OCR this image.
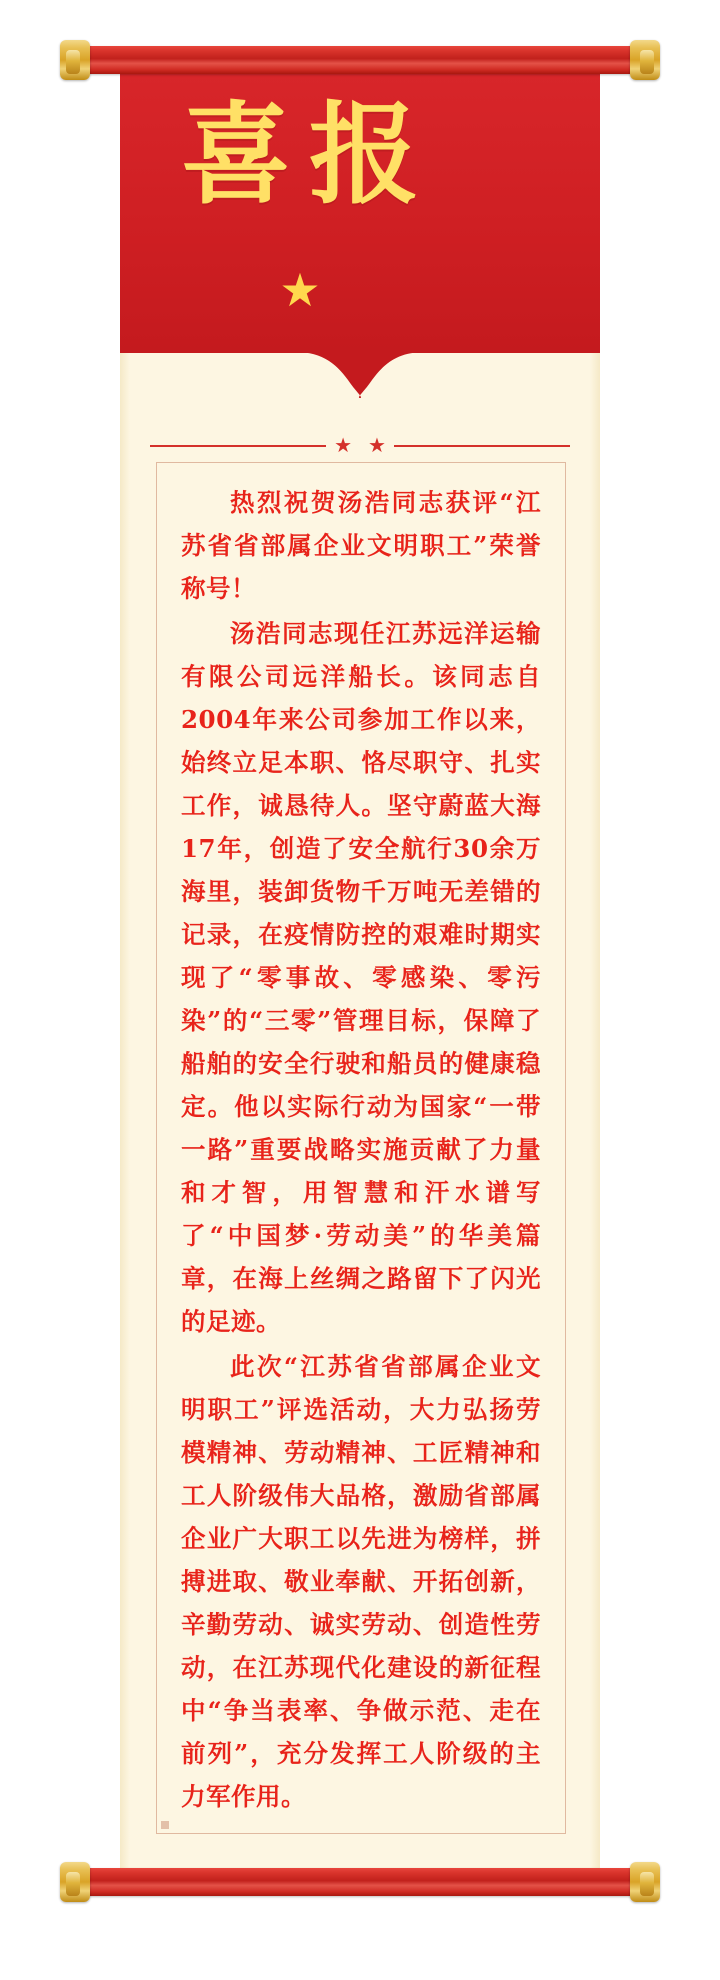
喜报
★
★ ★

热烈祝贺汤浩同志获评“江苏省省部属企业文明职工”荣誉称号！

汤浩同志现任江苏远洋运输有限公司远洋船长。该同志自2004年来公司参加工作以来，始终立足本职、恪尽职守、扎实工作，诚恳待人。坚守蔚蓝大海17年，创造了安全航行30余万海里，装卸货物千万吨无差错的记录，在疫情防控的艰难时期实现了“零事故、零感染、零污染”的“三零”管理目标，保障了船舶的安全行驶和船员的健康稳定。他以实际行动为国家“一带一路”重要战略实施贡献了力量和才智，用智慧和汗水谱写了“中国梦·劳动美”的华美篇章，在海上丝绸之路留下了闪光的足迹。

此次“江苏省省部属企业文明职工”评选活动，大力弘扬劳模精神、劳动精神、工匠精神和工人阶级伟大品格，激励省部属企业广大职工以先进为榜样，拼搏进取、敬业奉献、开拓创新，辛勤劳动、诚实劳动、创造性劳动，在江苏现代化建设的新征程中“争当表率、争做示范、走在前列”，充分发挥工人阶级的主力军作用。
